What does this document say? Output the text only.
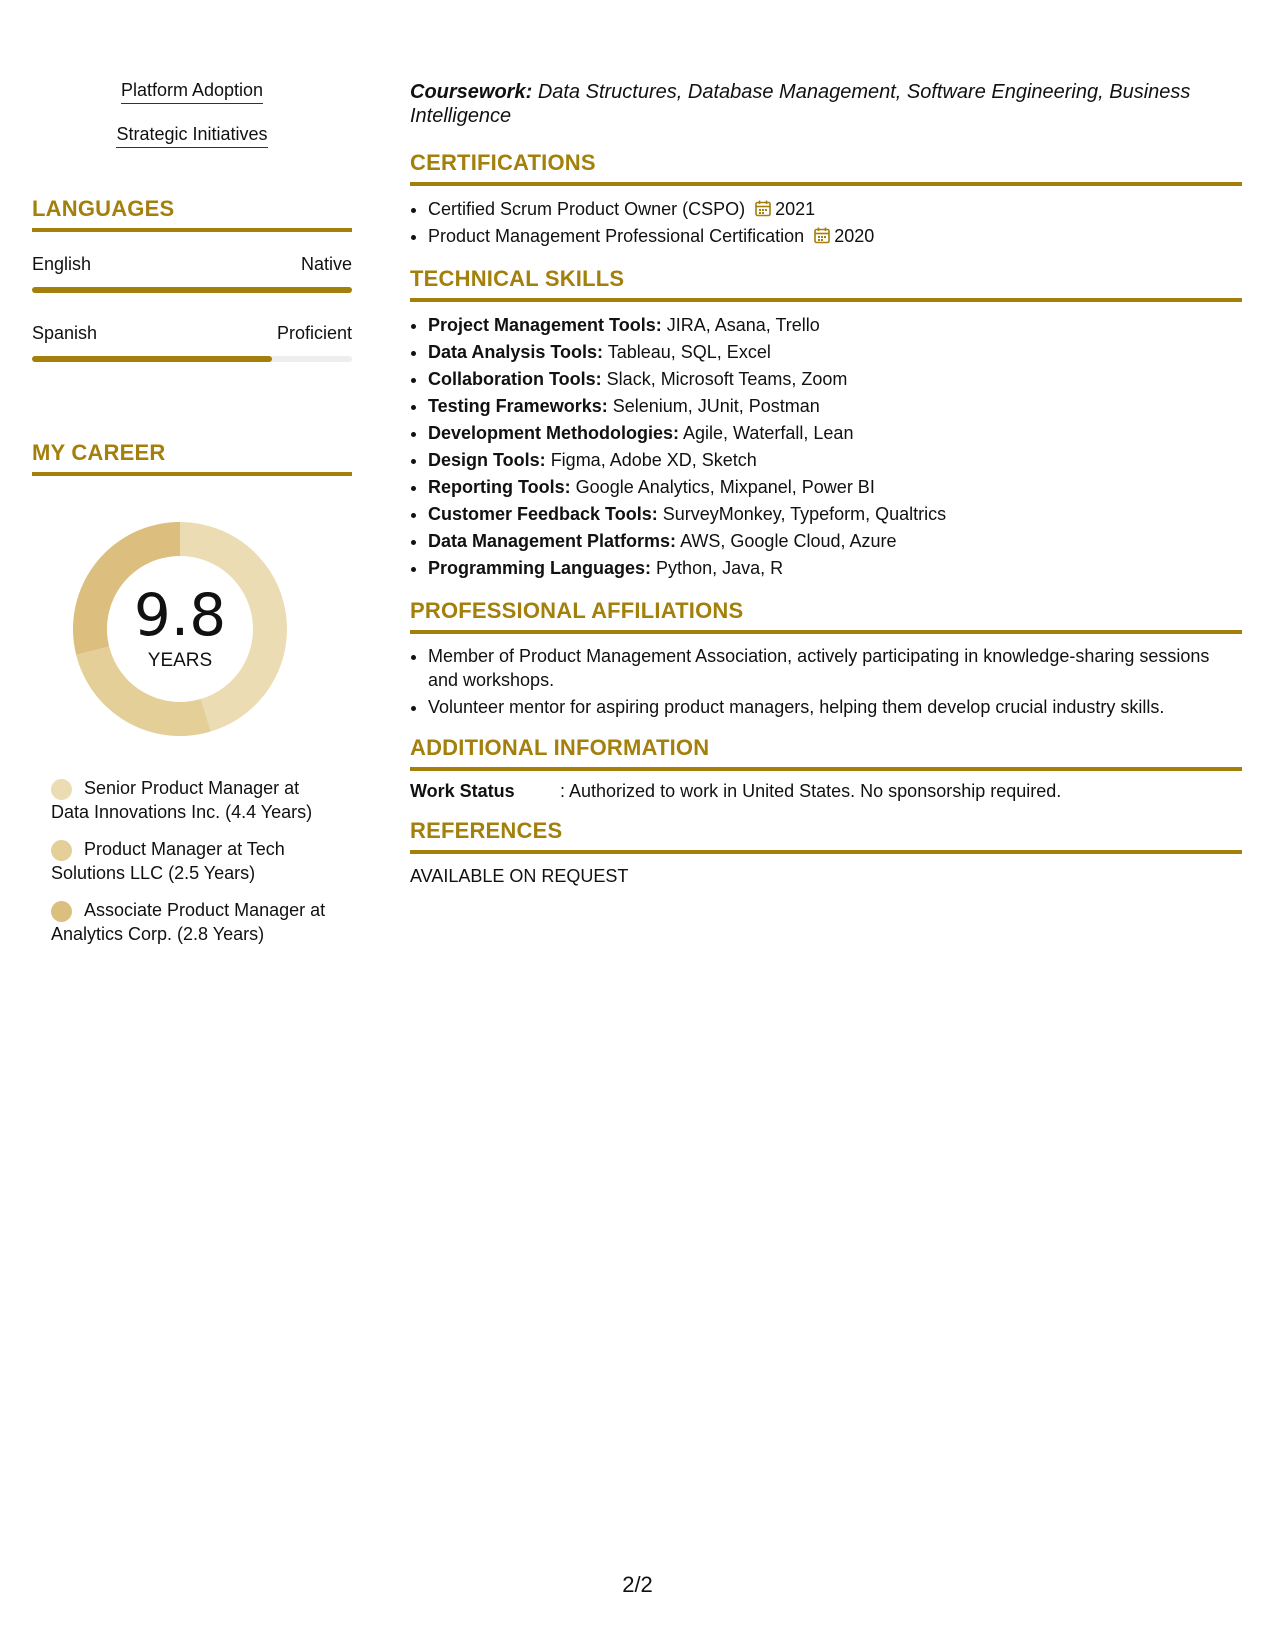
Platform Adoption
Strategic Initiatives
LANGUAGES
English	Native
Spanish	Proficient
MY CAREER
9.8
YEARS
Senior Product Manager at Data Innovations Inc. (4.4 Years)
Product Manager at Tech Solutions LLC (2.5 Years)
Associate Product Manager at Analytics Corp. (2.8 Years)
Coursework: Data Structures, Database Management, Software Engineering, Business Intelligence
CERTIFICATIONS
• Certified Scrum Product Owner (CSPO) 2021
• Product Management Professional Certification 2020
TECHNICAL SKILLS
• Project Management Tools: JIRA, Asana, Trello
• Data Analysis Tools: Tableau, SQL, Excel
• Collaboration Tools: Slack, Microsoft Teams, Zoom
• Testing Frameworks: Selenium, JUnit, Postman
• Development Methodologies: Agile, Waterfall, Lean
• Design Tools: Figma, Adobe XD, Sketch
• Reporting Tools: Google Analytics, Mixpanel, Power BI
• Customer Feedback Tools: SurveyMonkey, Typeform, Qualtrics
• Data Management Platforms: AWS, Google Cloud, Azure
• Programming Languages: Python, Java, R
PROFESSIONAL AFFILIATIONS
• Member of Product Management Association, actively participating in knowledge-sharing sessions and workshops.
• Volunteer mentor for aspiring product managers, helping them develop crucial industry skills.
ADDITIONAL INFORMATION
Work Status	: Authorized to work in United States. No sponsorship required.
REFERENCES
AVAILABLE ON REQUEST
2/2
